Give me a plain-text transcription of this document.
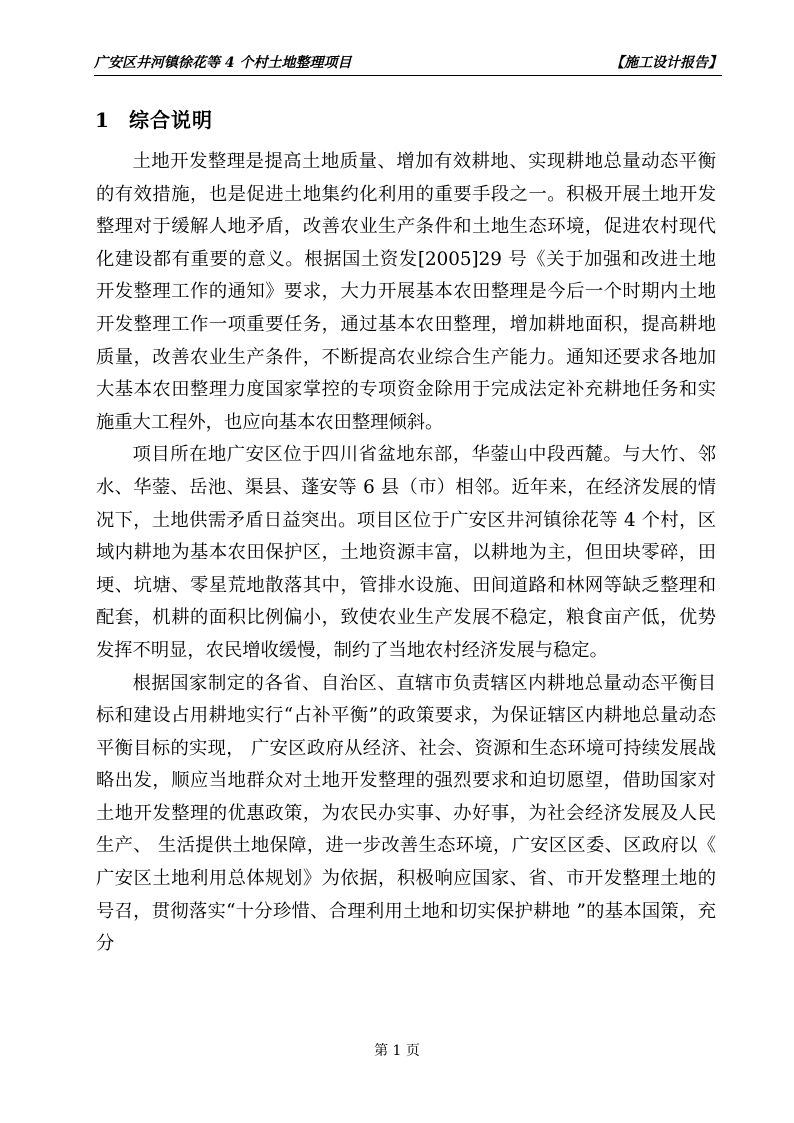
广安区井河镇徐花等 4 个村土地整理项目	【施工设计报告】
1 综合说明

土地开发整理是提高土地质量、增加有效耕地、实现耕地总量动态平衡的有效措施，也是促进土地集约化利用的重要手段之一。积极开展土地开发整理对于缓解人地矛盾，改善农业生产条件和土地生态环境，促进农村现代化建设都有重要的意义。根据国土资发[2005]29 号《关于加强和改进土地开发整理工作的通知》要求，大力开展基本农田整理是今后一个时期内土地开发整理工作一项重要任务，通过基本农田整理，增加耕地面积，提高耕地质量，改善农业生产条件，不断提高农业综合生产能力。通知还要求各地加大基本农田整理力度国家掌控的专项资金除用于完成法定补充耕地任务和实施重大工程外，也应向基本农田整理倾斜。

项目所在地广安区位于四川省盆地东部，华蓥山中段西麓。与大竹、邻水、华蓥、岳池、渠县、蓬安等 6 县（市）相邻。近年来，在经济发展的情况下，土地供需矛盾日益突出。项目区位于广安区井河镇徐花等 4 个村，区域内耕地为基本农田保护区，土地资源丰富，以耕地为主，但田块零碎，田埂、坑塘、零星荒地散落其中，管排水设施、田间道路和林网等缺乏整理和配套，机耕的面积比例偏小，致使农业生产发展不稳定，粮食亩产低，优势发挥不明显，农民增收缓慢，制约了当地农村经济发展与稳定。

根据国家制定的各省、自治区、直辖市负责辖区内耕地总量动态平衡目标和建设占用耕地实行“占补平衡”的政策要求，为保证辖区内耕地总量动态平衡目标的实现， 广安区政府从经济、社会、资源和生态环境可持续发展战略出发，顺应当地群众对土地开发整理的强烈要求和迫切愿望，借助国家对土地开发整理的优惠政策，为农民办实事、办好事，为社会经济发展及人民生产、 生活提供土地保障，进一步改善生态环境，广安区区委、区政府以《广安区土地利用总体规划》为依据，积极响应国家、省、市开发整理土地的号召，贯彻落实“十分珍惜、合理利用土地和切实保护耕地 ”的基本国策，充分

第 1 页
